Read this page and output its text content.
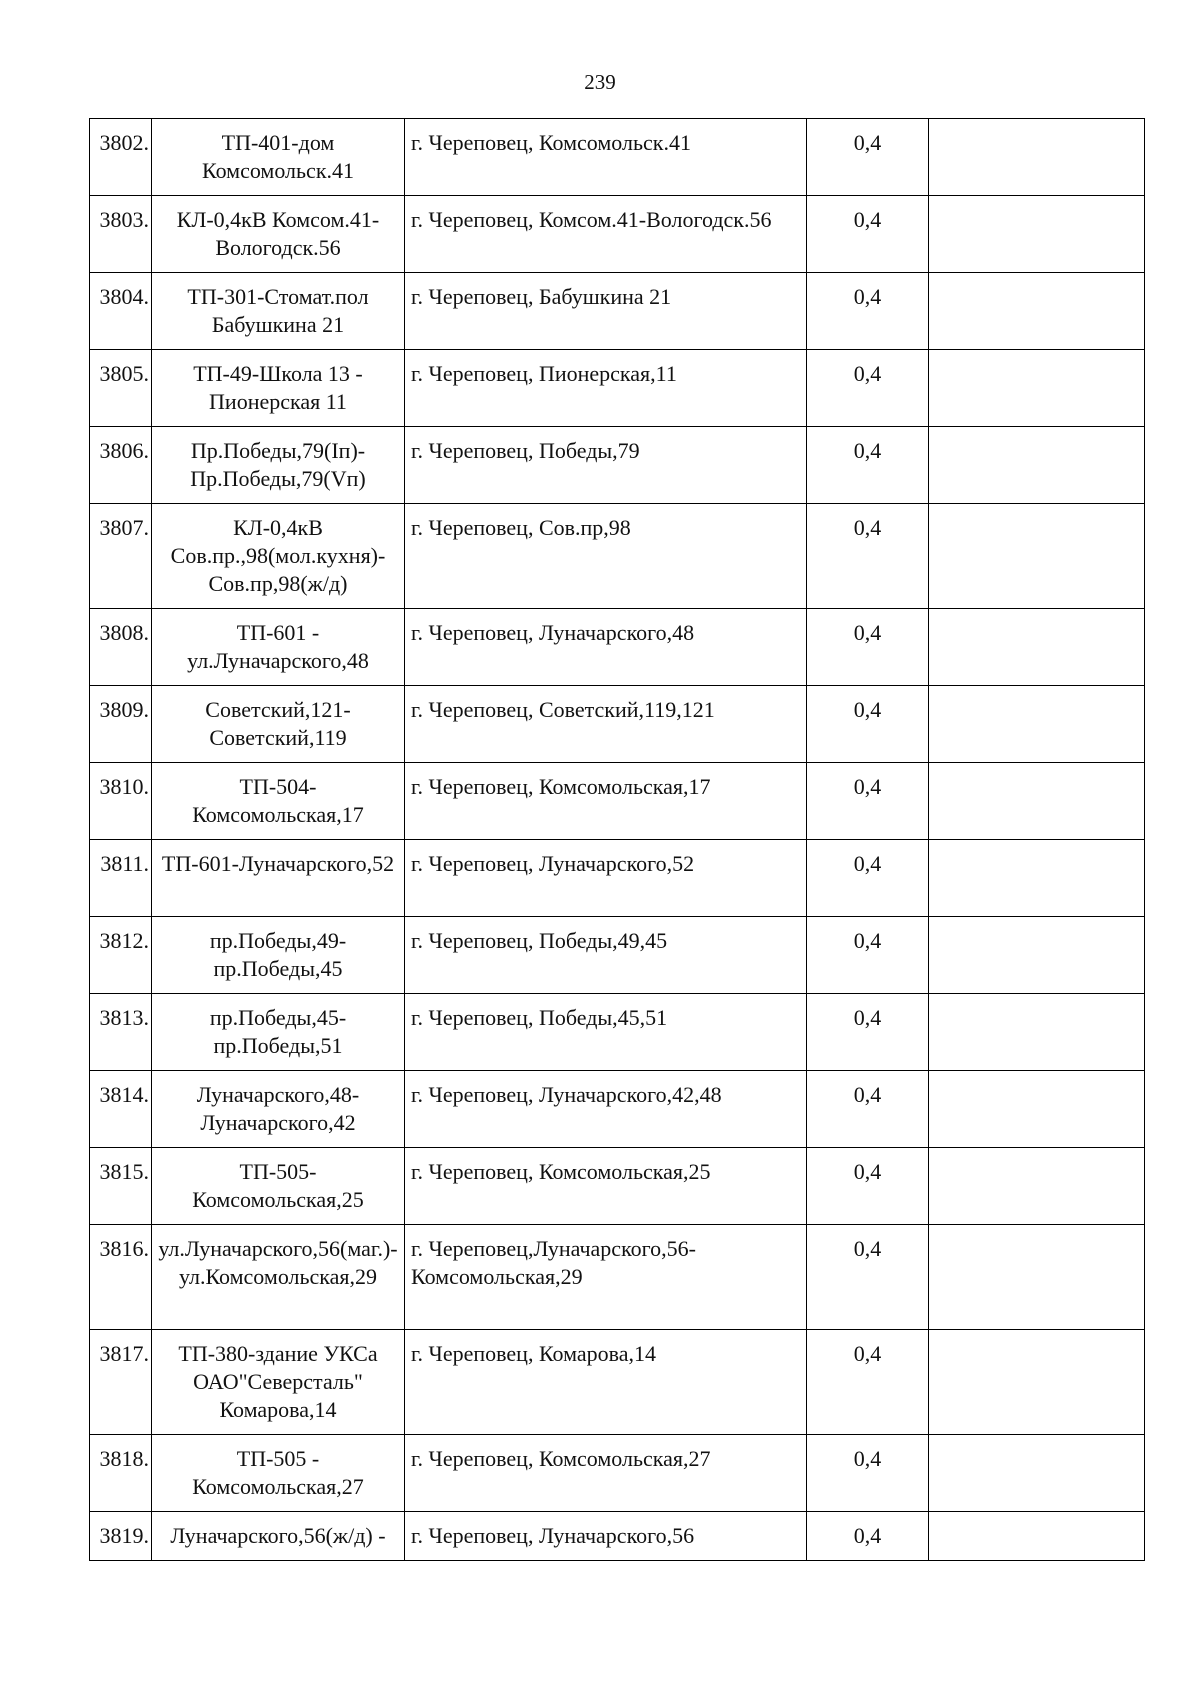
239
3802.	ТП-401-дом Комсомольск.41	г. Череповец, Комсомольск.41	0,4	
3803.	КЛ-0,4кВ Комсом.41-Вологодск.56	г. Череповец, Комсом.41-Вологодск.56	0,4	
3804.	ТП-301-Стомат.пол Бабушкина 21	г. Череповец, Бабушкина 21	0,4	
3805.	ТП-49-Школа 13 - Пионерская 11	г. Череповец, Пионерская,11	0,4	
3806.	Пр.Победы,79(Iп)-Пр.Победы,79(Vп)	г. Череповец, Победы,79	0,4	
3807.	КЛ-0,4кВ Сов.пр.,98(мол.кухня)-Сов.пр,98(ж/д)	г. Череповец, Сов.пр,98	0,4	
3808.	ТП-601 - ул.Луначарского,48	г. Череповец, Луначарского,48	0,4	
3809.	Советский,121-Советский,119	г. Череповец, Советский,119,121	0,4	
3810.	ТП-504-Комсомольская,17	г. Череповец, Комсомольская,17	0,4	
3811.	ТП-601-Луначарского,52	г. Череповец, Луначарского,52	0,4	
3812.	пр.Победы,49-пр.Победы,45	г. Череповец, Победы,49,45	0,4	
3813.	пр.Победы,45-пр.Победы,51	г. Череповец, Победы,45,51	0,4	
3814.	Луначарского,48-Луначарского,42	г. Череповец, Луначарского,42,48	0,4	
3815.	ТП-505-Комсомольская,25	г. Череповец, Комсомольская,25	0,4	
3816.	ул.Луначарского,56(маг.)-ул.Комсомольская,29	г. Череповец,Луначарского,56-Комсомольская,29	0,4	
3817.	ТП-380-здание УКСа ОАО"Северсталь" Комарова,14	г. Череповец, Комарова,14	0,4	
3818.	ТП-505 - Комсомольская,27	г. Череповец, Комсомольская,27	0,4	
3819.	Луначарского,56(ж/д) -	г. Череповец, Луначарского,56	0,4	
